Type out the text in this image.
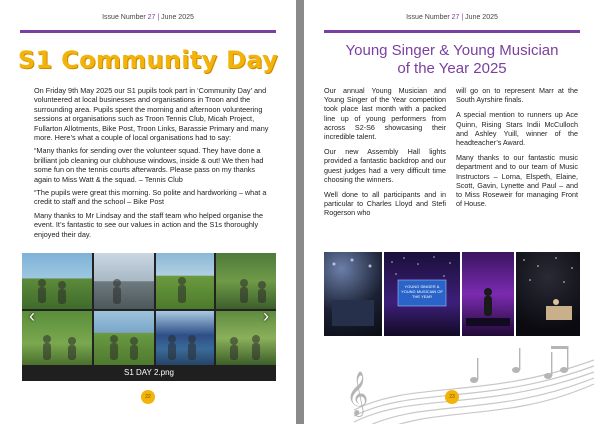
Issue Number 27 | June 2025
S1 Community Day

On Friday 9th May 2025 our S1 pupils took part in ‘Community Day’ and volunteered at local businesses and organisations in Troon and the surrounding area. Pupils spent the morning and afternoon volunteering sessions at organisations such as Troon Tennis Club, Micah Project, Fullarton Allotments, Bike Post, Troon Links, Barassie Primary and many more. Here’s what a couple of local organisations had to say:

“Many thanks for sending over the volunteer squad. They have done a brilliant job cleaning our clubhouse windows, inside & out! We then had some fun on the tennis courts afterwards. Please pass on my thanks again to Miss Watt & the squad. – Tennis Club

“The pupils were great this morning. So polite and hardworking – what a credit to staff and the school – Bike Post

Many thanks to Mr Lindsay and the staff team who helped organise the event. It’s fantastic to see our values in action and the S1s thoroughly enjoyed their day.

‹	›
S1 DAY 2.png
22
Issue Number 27 | June 2025
Young Singer & Young Musician
of the Year 2025

Our annual Young Musician and Young Singer of the Year competition took place last month with a packed line up of young performers from across S2-S6 showcasing their incredible talent.

Our new Assembly Hall lights provided a fantastic backdrop and our guest judges had a very difficult time choosing the winners.

Well done to all participants and in particular to Charles Lloyd and Stefi Rogerson who

will go on to represent Marr at the South Ayrshire finals.

A special mention to runners up Ace Quinn, Rising Stars Indii McCulloch and Ashley Yuill, winner of the headteacher’s Award.

Many thanks to our fantastic music department and to our team of Music Instructors – Lorna, Elspeth, Elaine, Scott, Gavin, Lynette and Paul – and to Miss Roseweir for managing Front of House.

YOUNG SINGER & YOUNG MUSICIAN OF THE YEAR
𝄞	23
